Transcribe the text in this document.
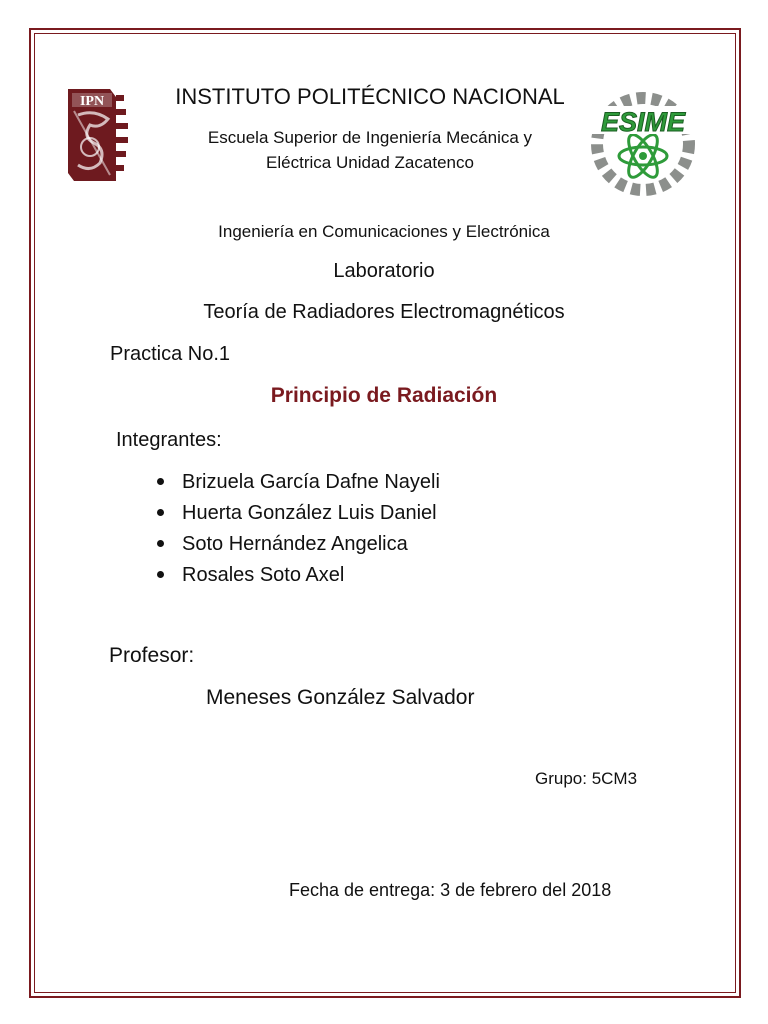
IPN
ESIME
INSTITUTO POLITÉCNICO NACIONAL
Escuela Superior de Ingeniería Mecánica y
Eléctrica Unidad Zacatenco
Ingeniería en Comunicaciones y Electrónica
Laboratorio
Teoría de Radiadores Electromagnéticos
Practica No.1
Principio de Radiación
Integrantes:
Brizuela García Dafne Nayeli
Huerta González Luis Daniel
Soto Hernández Angelica
Rosales Soto Axel
Profesor:
Meneses González Salvador
Grupo: 5CM3
Fecha de entrega: 3 de febrero del 2018
